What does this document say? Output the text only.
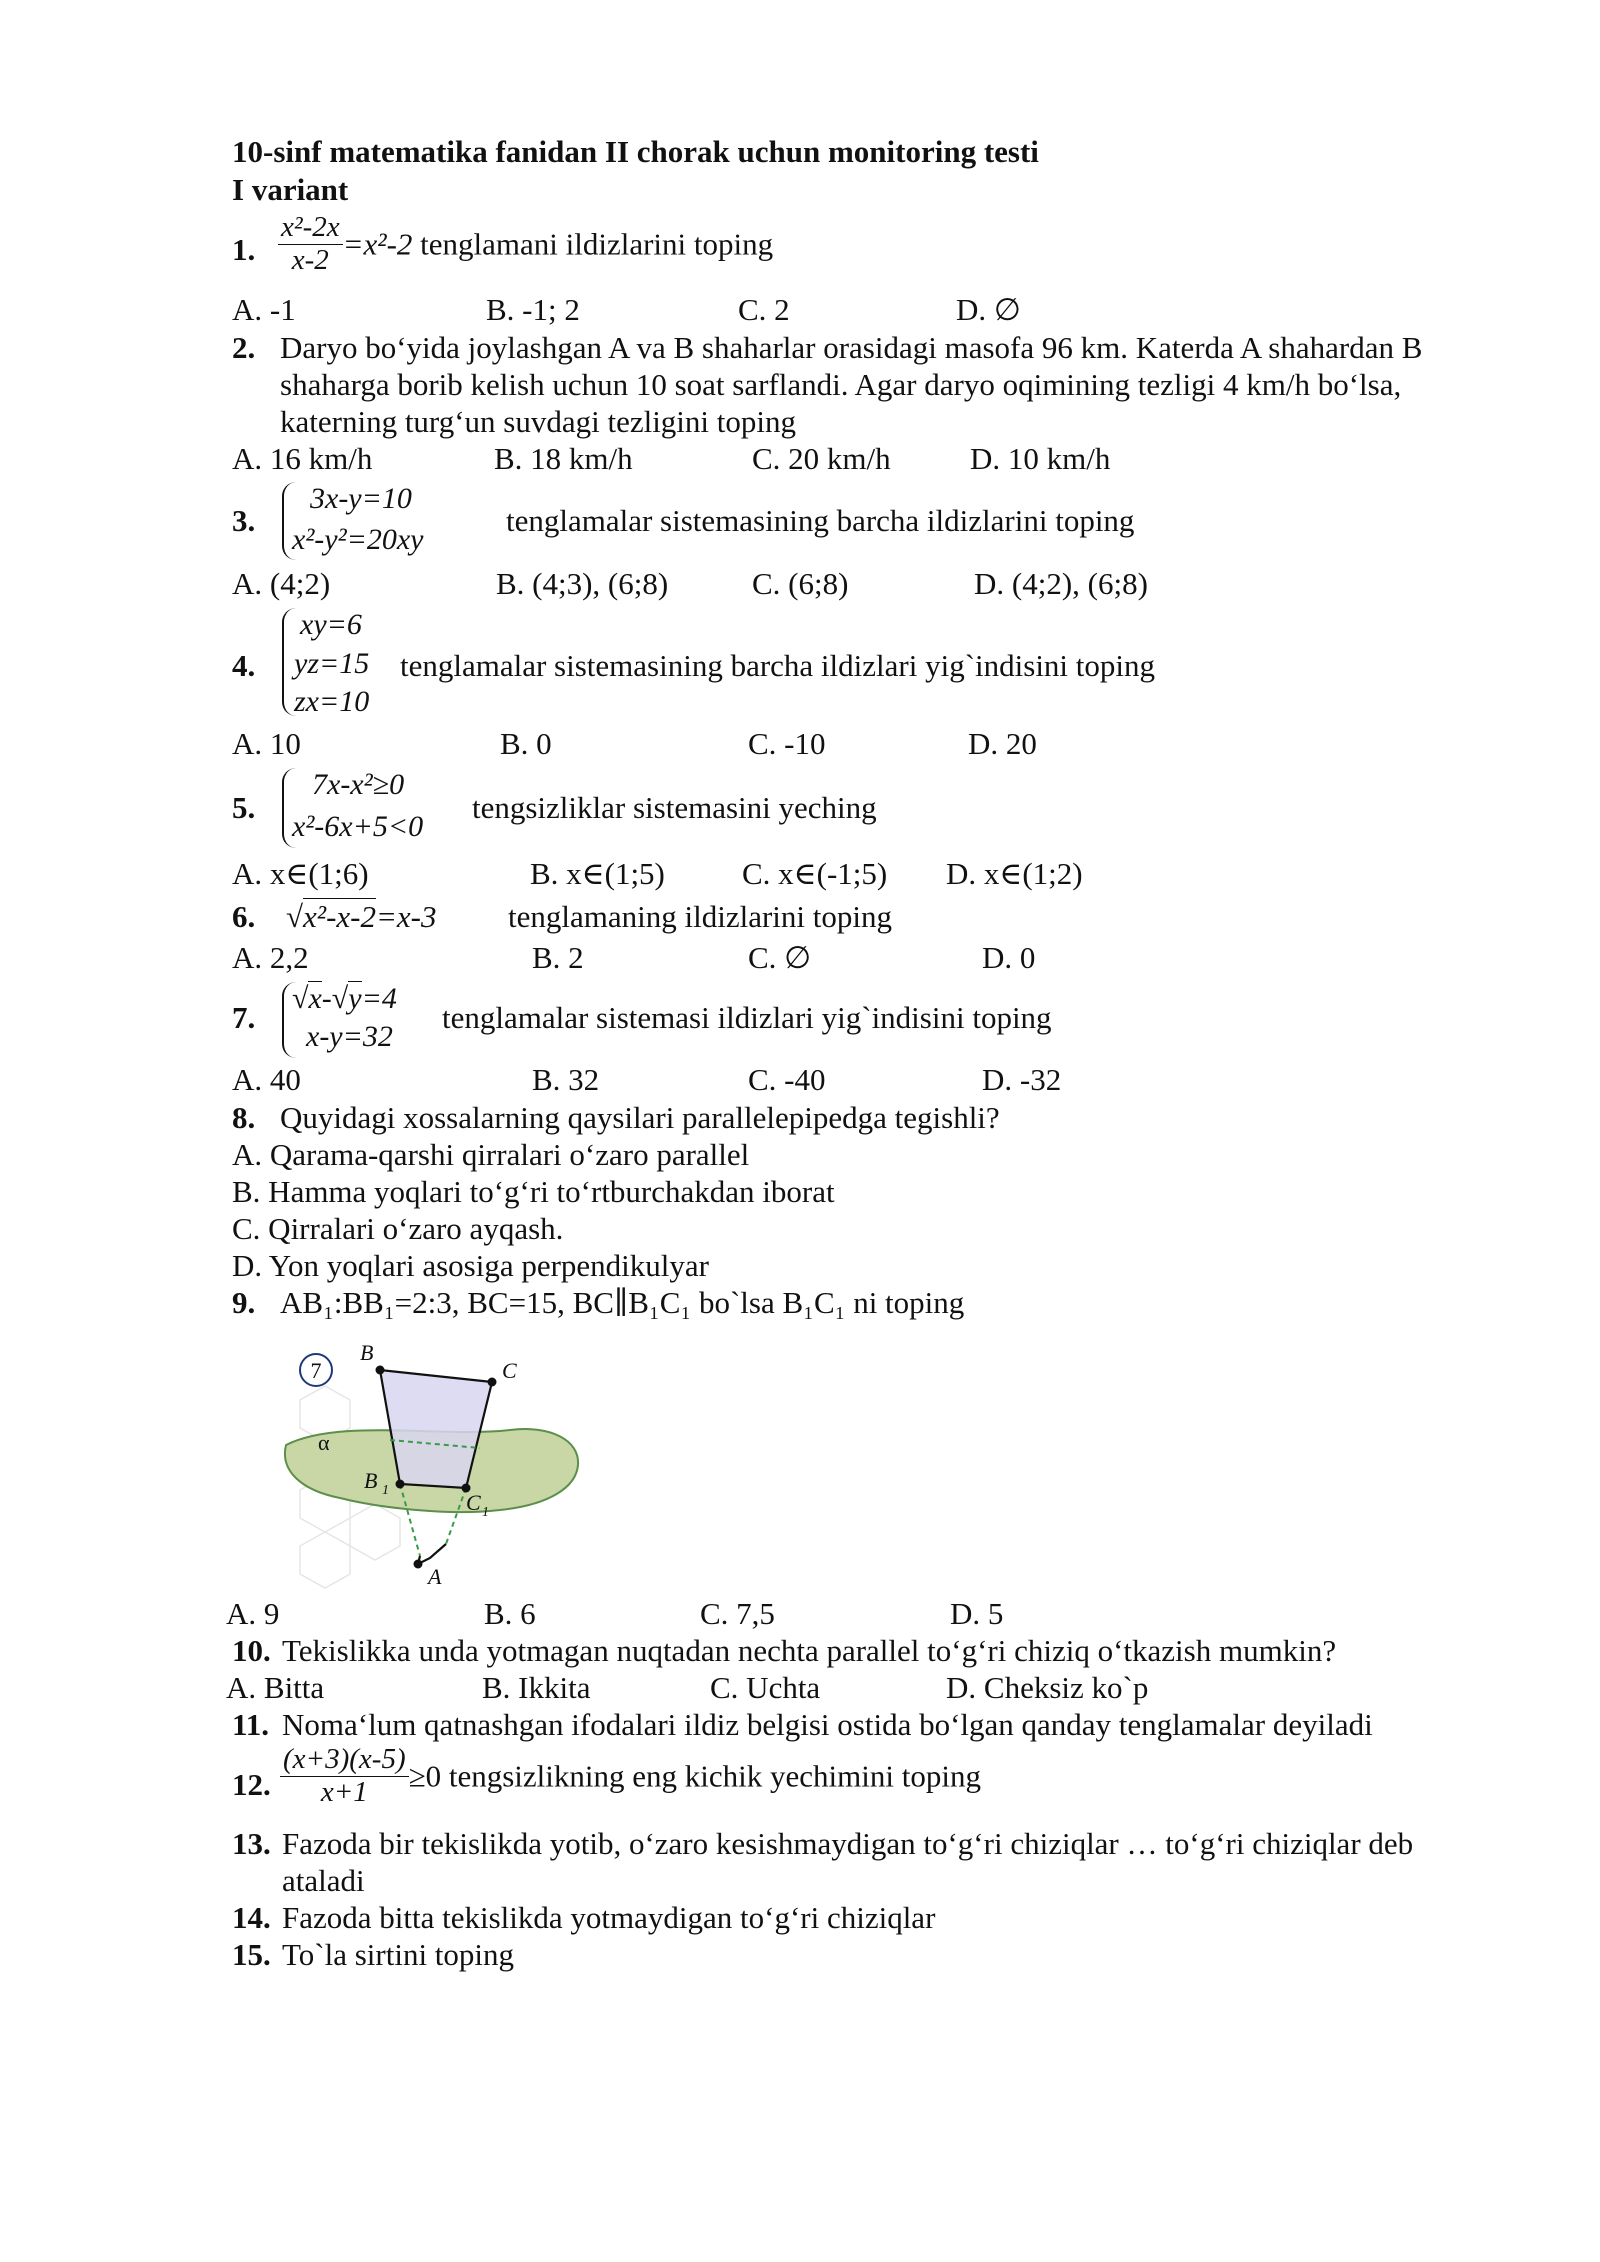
10-sinf matematika fanidan II chorak uchun monitoring testi
I variant
1. $\frac{\text{x²-2x}}{x-2} =x^2-2$ tenglamani ildizlarini toping
A. -1	B. -1; 2	C. 2	D. ∅
2. Daryo bo‘yida joylashgan A va B shaharlar orasidagi masofa 96 km. Katerda A shahardan B
shaharga borib kelish uchun 10 soat sarflandi. Agar daryo oqimining tezligi 4 km/h bo‘lsa,
katerning turg‘un suvdagi tezligini toping
A. 16 km/h	B. 18 km/h	C. 20 km/h	D. 10 km/h
3.
3x-y=10
x²-y²=20xy
tenglamalar sistemasining barcha ildizlarini toping
A. (4;2)	B. (4;3), (6;8)	C. (6;8)	D. (4;2), (6;8)
4.
xy=6
yz=15
zx=10
tenglamalar sistemasining barcha ildizlari yig`indisini toping
A. 10	B. 0	C. -10	D. 20
5.
7x-x²≥0
x²-6x+5<0
tengsizliklar sistemasini yeching
A. x∈(1;6)	B. x∈(1;5) C. x∈(-1;5) D. x∈(1;2)
6. √x²-x-2=x-3 tenglamaning ildizlarini toping
A. 2,2	B. 2	C. ∅	D. 0
7.
√x-√y=4
x-y=32
tenglamalar sistemasi ildizlari yig`indisini toping
A. 40	B. 32	C. -40	D. -32
8. Quyidagi xossalarning qaysilari parallelepipedga tegishli?
A. Qarama-qarshi qirralari o‘zaro parallel
B. Hamma yoqlari to‘g‘ri to‘rtburchakdan iborat
C. Qirralari o‘zaro ayqash.
D. Yon yoqlari asosiga perpendikulyar
9. AB₁:BB₁=2:3, BC=15, BC∥B₁C₁ bo`lsa B₁C₁ ni toping
7
α
B
C
B 1	C 1
A
A. 9	B. 6	C. 7,5	D. 5
10. Tekislikka unda yotmagan nuqtadan nechta parallel to‘g‘ri chiziq o‘tkazish mumkin?
A. Bitta	B. Ikkita	C. Uchta	D. Cheksiz ko`p
11. Noma‘lum qatnashgan ifodalari ildiz belgisi ostida bo‘lgan qanday tenglamalar deyiladi
12. $\frac{(x+3)(x-5)}{x+1} \ge 0$ tengsizlikning eng kichik yechimini toping
13. Fazoda bir tekislikda yotib, o‘zaro kesishmaydigan to‘g‘ri chiziqlar … to‘g‘ri chiziqlar deb
ataladi
14. Fazoda bitta tekislikda yotmaydigan to‘g‘ri chiziqlar
15. To`la sirtini toping
